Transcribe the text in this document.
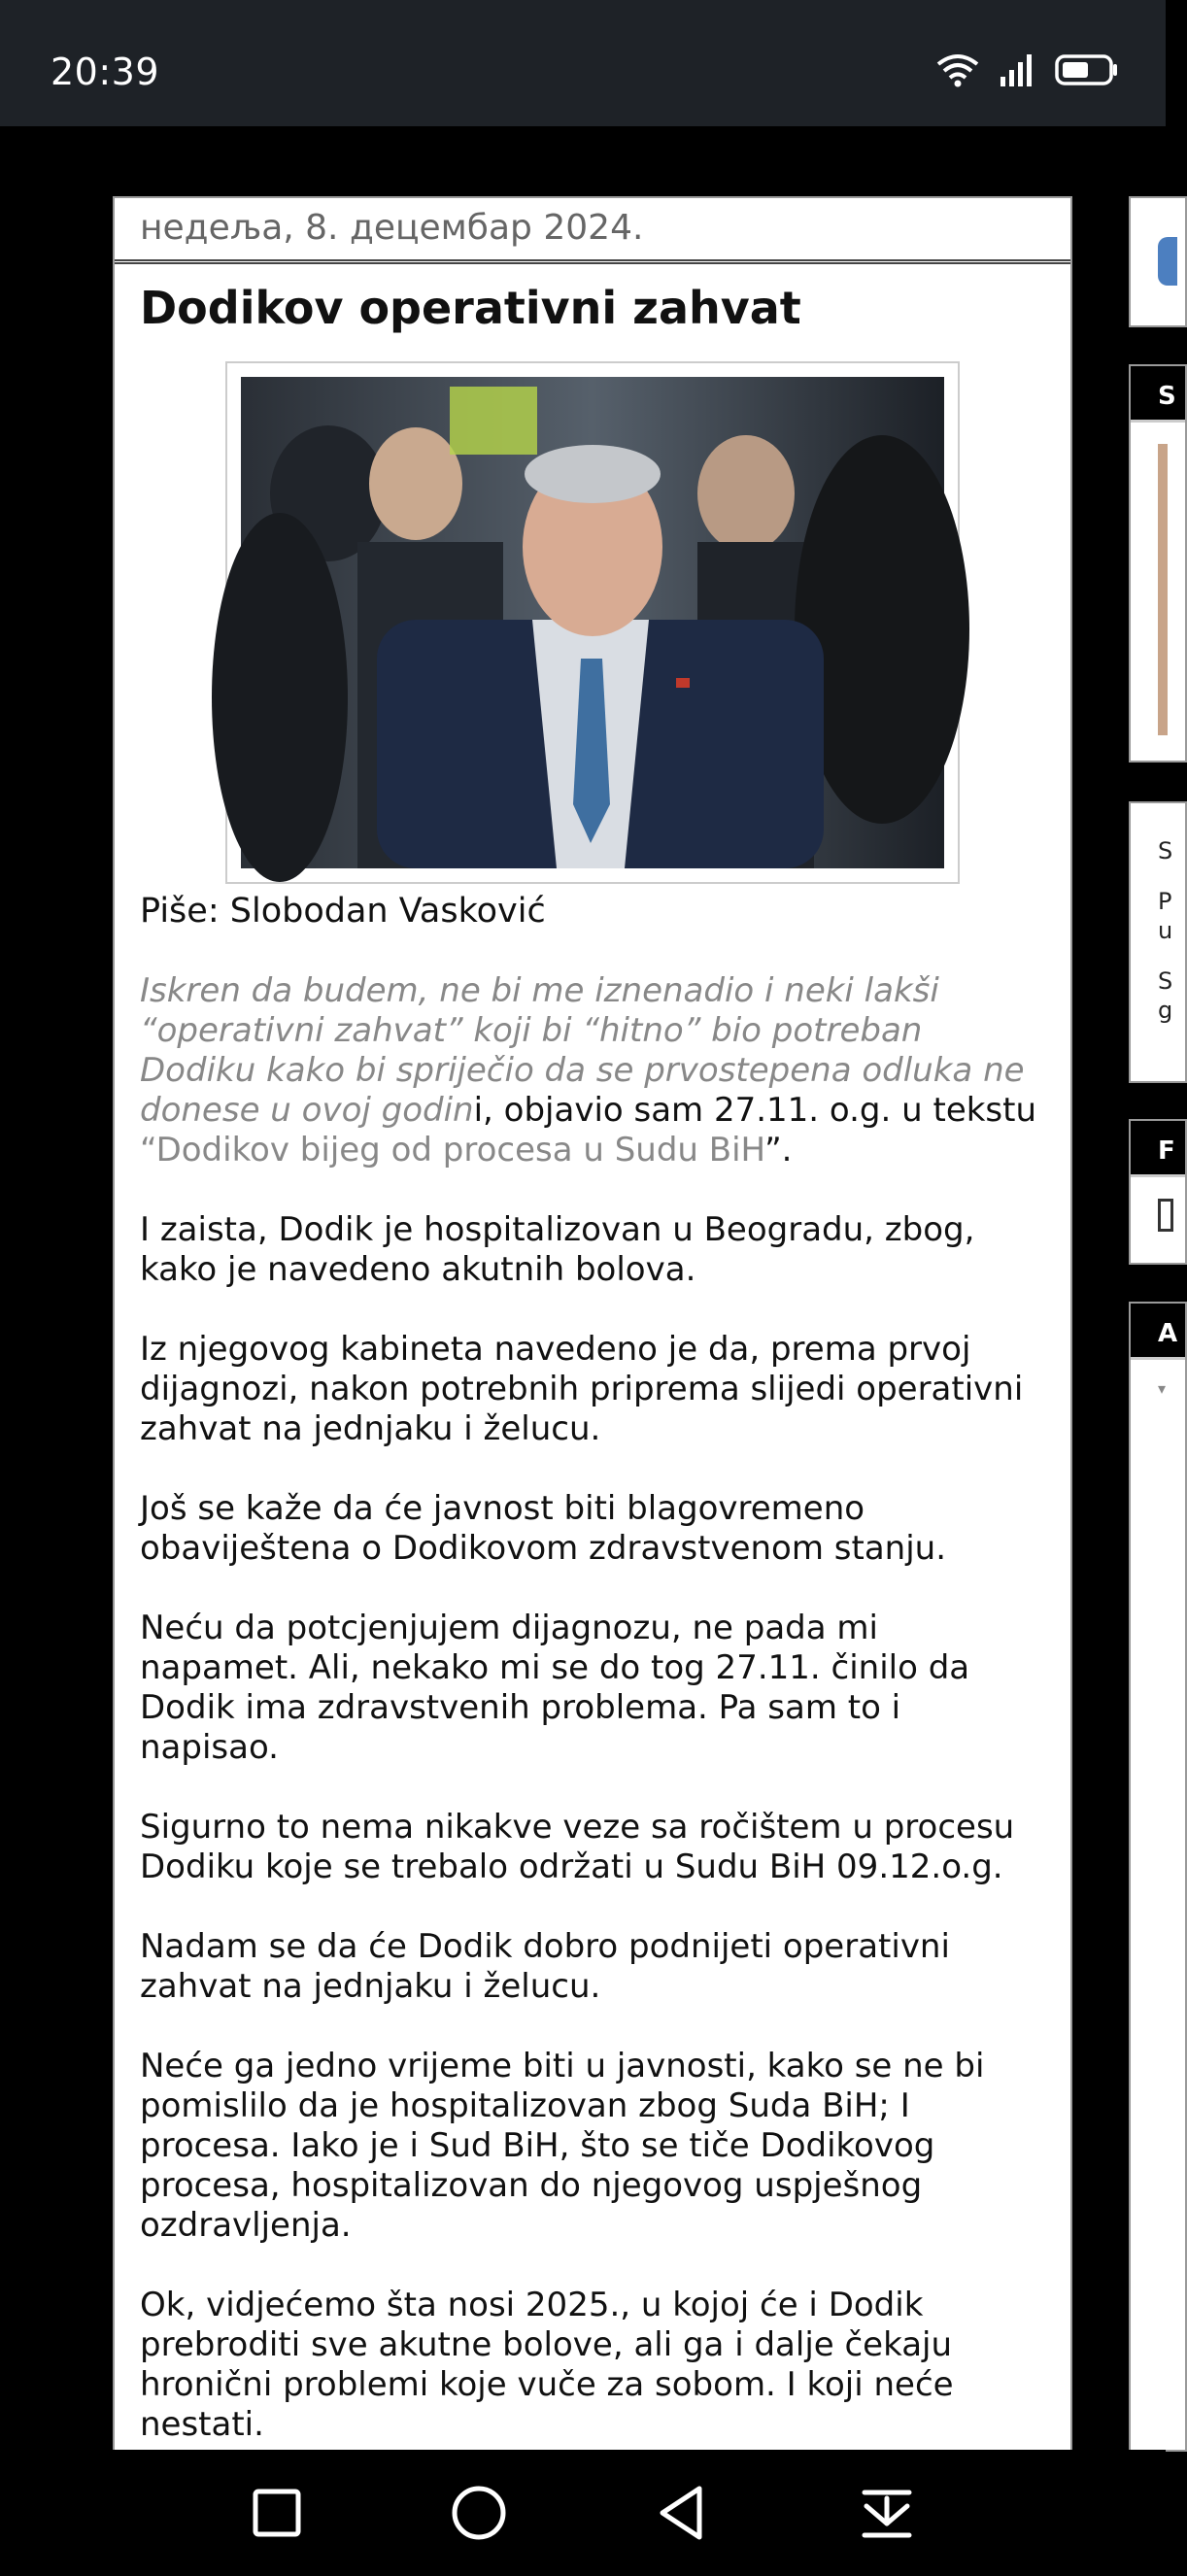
20:39
недеља, 8. децембар 2024.
Dodikov operativni zahvat
Piše: Slobodan Vasković

Iskren da budem, ne bi me iznenadio i neki lakši “operativni zahvat” koji bi “hitno” bio potreban Dodiku kako bi spriječio da se prvostepena odluka ne donese u ovoj godini, objavio sam 27.11. o.g. u tekstu “Dodikov bijeg od procesa u Sudu BiH”.

I zaista, Dodik je hospitalizovan u Beogradu, zbog, kako je navedeno akutnih bolova.

Iz njegovog kabineta navedeno je da, prema prvoj dijagnozi, nakon potrebnih priprema slijedi operativni zahvat na jednjaku i želucu.

Još se kaže da će javnost biti blagovremeno obaviještena o Dodikovom zdravstvenom stanju.

Neću da potcjenjujem dijagnozu, ne pada mi napamet. Ali, nekako mi se do tog 27.11. činilo da Dodik ima zdravstvenih problema. Pa sam to i napisao.

Sigurno to nema nikakve veze sa ročištem u procesu Dodiku koje se trebalo održati u Sudu BiH 09.12.o.g.

Nadam se da će Dodik dobro podnijeti operativni zahvat na jednjaku i želucu.

Neće ga jedno vrijeme biti u javnosti, kako se ne bi pomislilo da je hospitalizovan zbog Suda BiH; I procesa. Iako je i Sud BiH, što se tiče Dodikovog procesa, hospitalizovan do njegovog uspješnog ozdravljenja.

Ok, vidjećemo šta nosi 2025., u kojoj će i Dodik prebroditi sve akutne bolove, ali ga i dalje čekaju hronični problemi koje vuče za sobom. I koji neće nestati.

S
S
P
u
S
g
F
A
▾
